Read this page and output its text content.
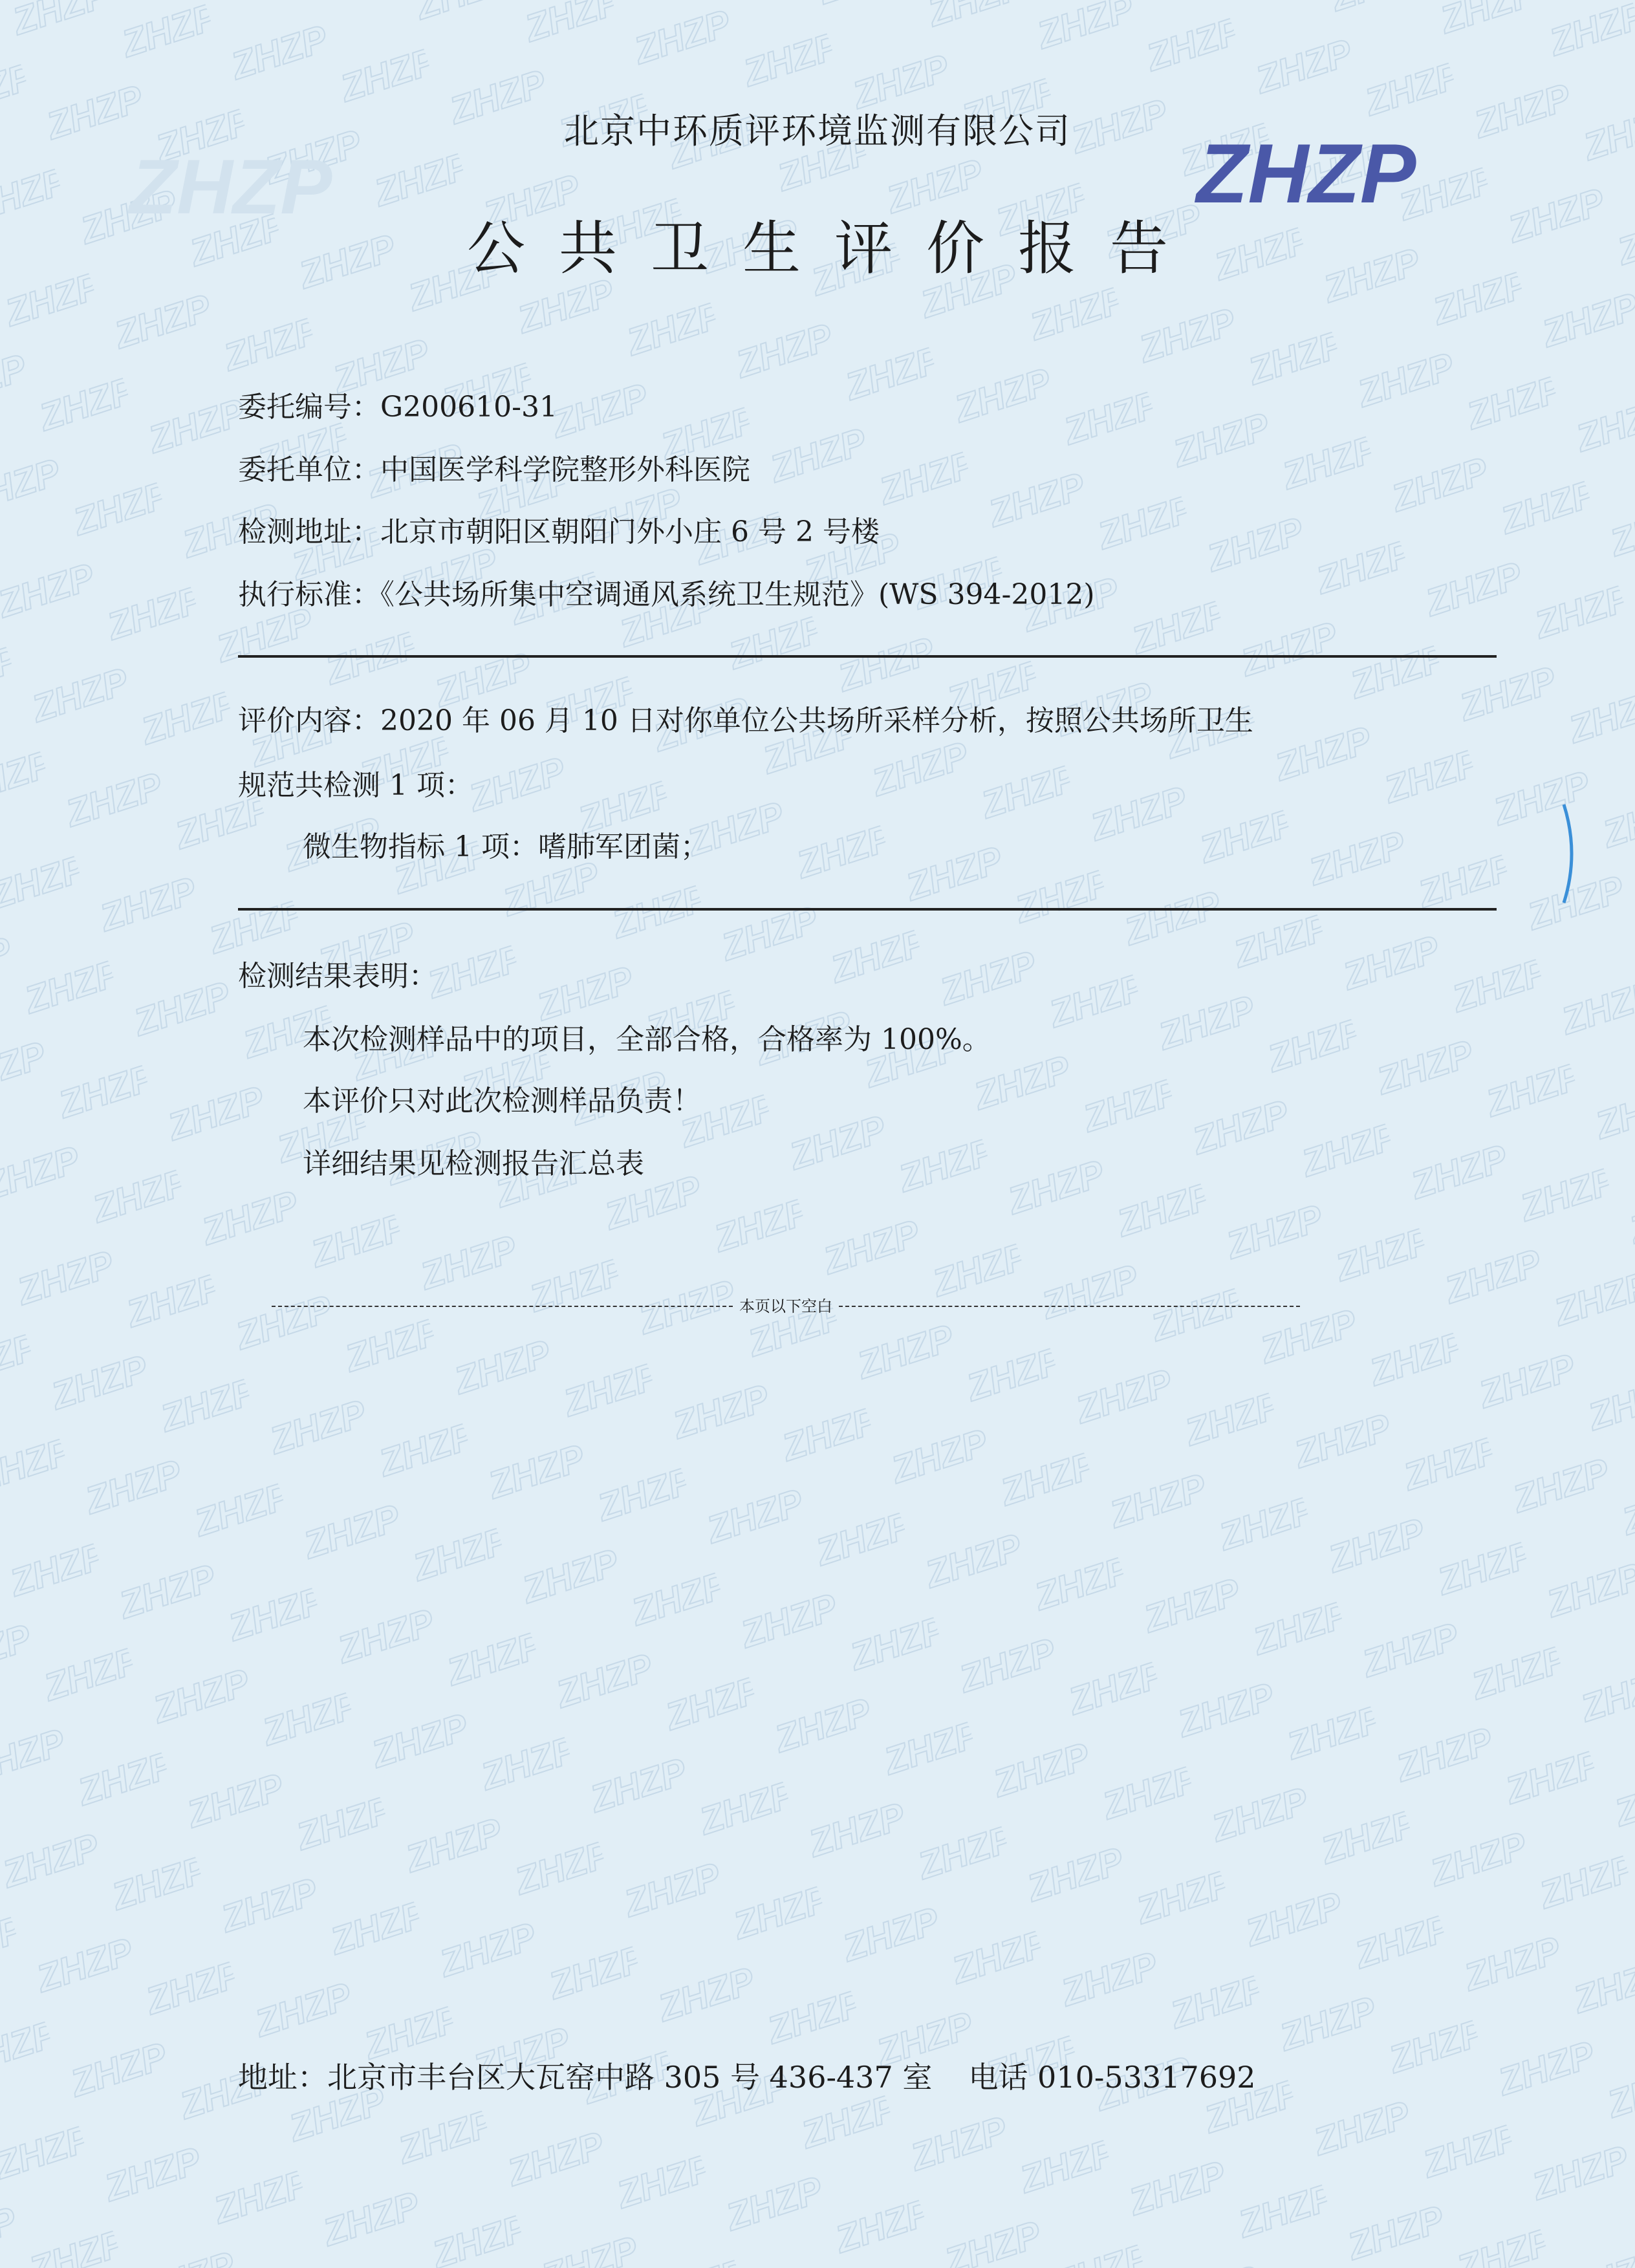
ZHZP
北京中环质评环境监测有限公司	ZHZP
公共卫生评价报告
委托编号：G200610-31
委托单位：中国医学科学院整形外科医院
检测地址：北京市朝阳区朝阳门外小庄 6 号 2 号楼
执行标准：《公共场所集中空调通风系统卫生规范》(WS 394-2012)
评价内容：2020 年 06 月 10 日对你单位公共场所采样分析，按照公共场所卫生
规范共检测 1 项：
微生物指标 1 项：嗜肺军团菌；
检测结果表明：
本次检测样品中的项目，全部合格，合格率为 100%。
本评价只对此次检测样品负责！
详细结果见检测报告汇总表
本页以下空白
地址：北京市丰台区大瓦窑中路 305 号 436-437 室 电话 010-53317692
